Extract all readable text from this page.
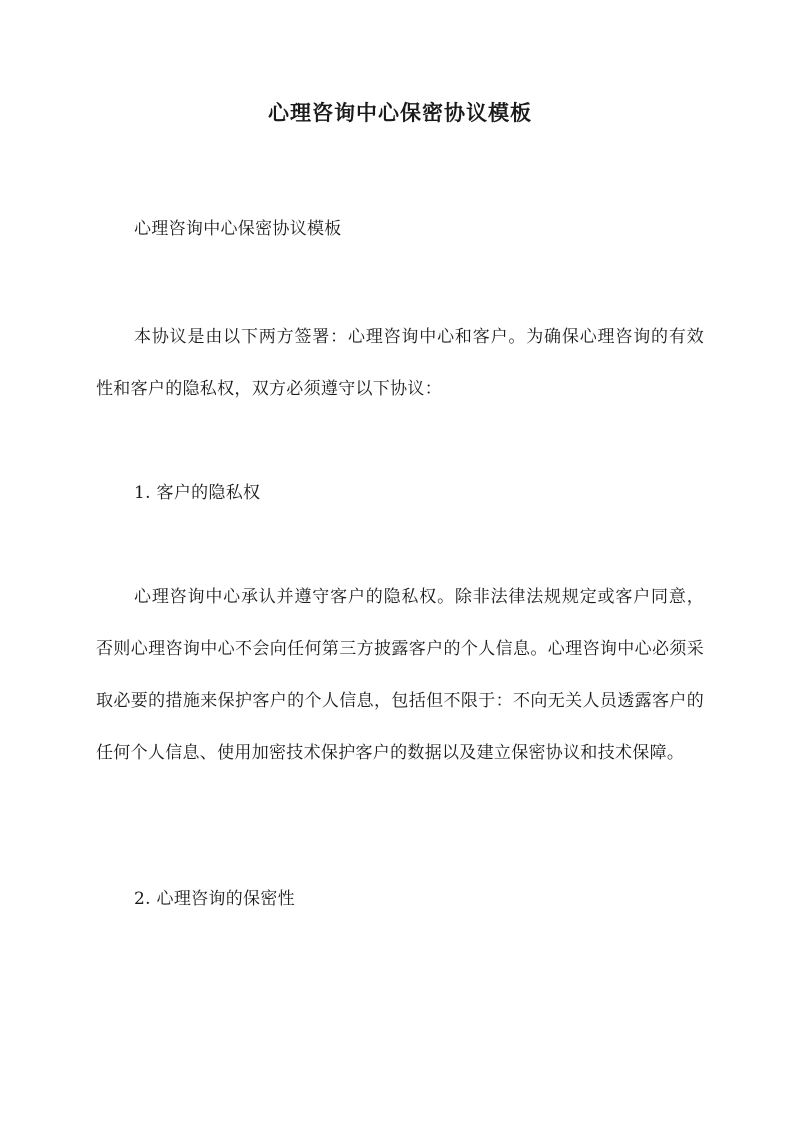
心理咨询中心保密协议模板

心理咨询中心保密协议模板

本协议是由以下两方签署：心理咨询中心和客户。为确保心理咨询的有效性和客户的隐私权，双方必须遵守以下协议：

1. 客户的隐私权

心理咨询中心承认并遵守客户的隐私权。除非法律法规规定或客户同意，否则心理咨询中心不会向任何第三方披露客户的个人信息。心理咨询中心必须采取必要的措施来保护客户的个人信息，包括但不限于：不向无关人员透露客户的任何个人信息、使用加密技术保护客户的数据以及建立保密协议和技术保障。

2. 心理咨询的保密性
